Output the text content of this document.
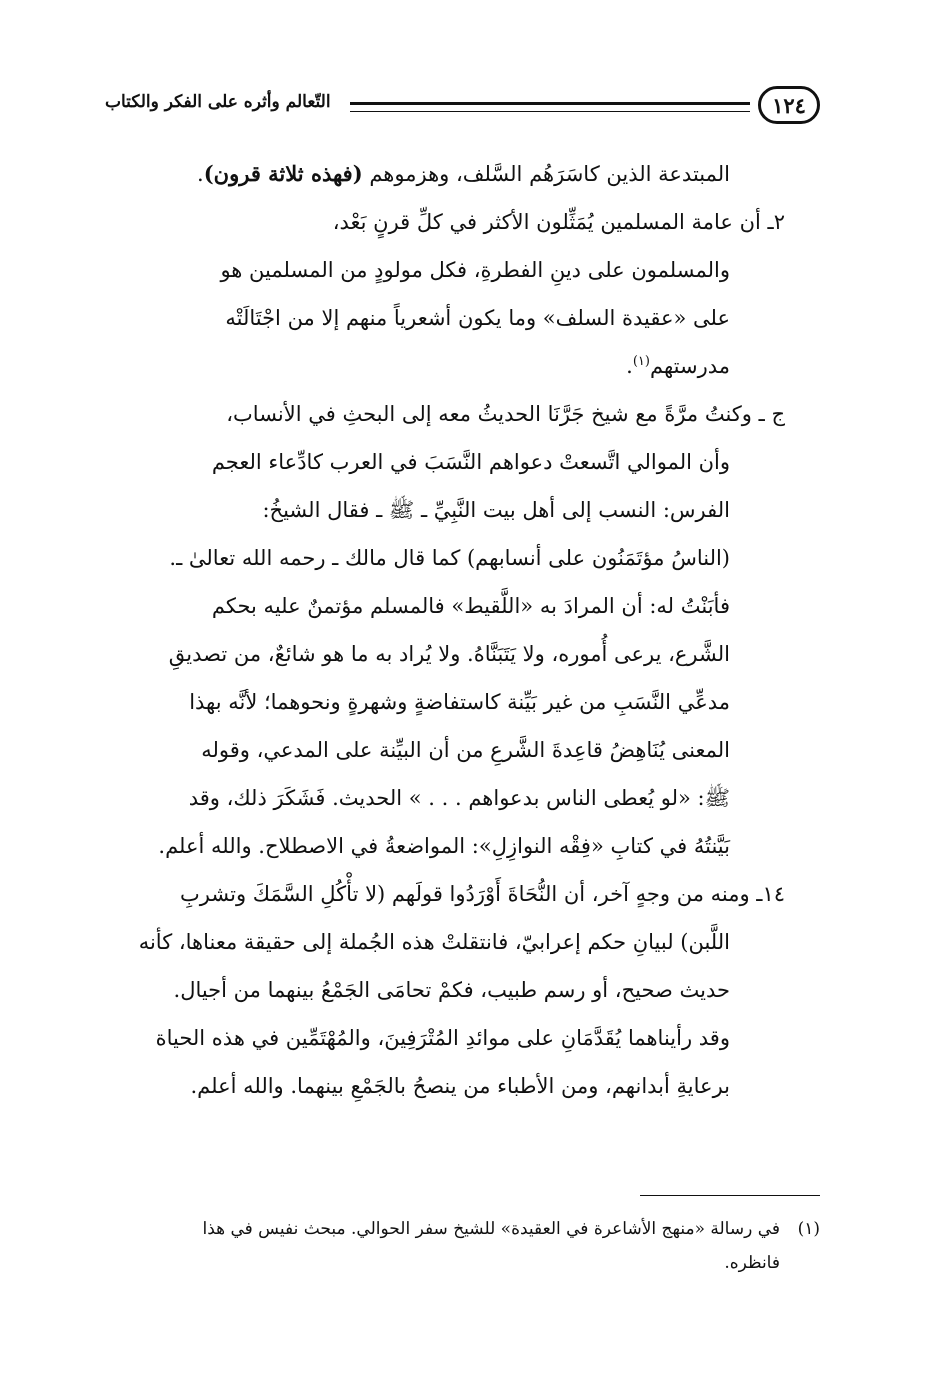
١٢٤
التّعالم وأثره على الفكر والكتاب
المبتدعة الذين كاسَرَهُم السَّلف، وهزموهم (فهذه ثلاثة قرون).
٢ـ أن عامة المسلمين يُمَثِّلون الأكثر في كلِّ قرنٍ بَعْد،
والمسلمون على دينِ الفطرةِ، فكل مولودٍ من المسلمين هو
على «عقيدة السلف» وما يكون أشعرياً منهم إلا من اجْتَالَتْه
مدرستهم$^{(١)}$.
ج ـ وكنتُ مرَّةً مع شيخ جَرَّنَا الحديثُ معه إلى البحثِ في الأنساب،
وأن الموالي اتَّسعتْ دعواهم النَّسَبَ في العرب كادِّعاء العجم
الفرس: النسب إلى أهل بيت النَّبِيِّ ـ ﷺ ـ فقال الشيخُ:
(الناسُ مؤتَمَنُون على أنسابهم) كما قال مالك ـ رحمه الله تعالىٰ ـ.
فأبَنْتُ له: أن المرادَ به «اللَّقيط» فالمسلم مؤتمنٌ عليه بحكم
الشَّرع، يرعى أُموره، ولا يَتَبَنَّاهُ. ولا يُراد به ما هو شائعٌ، من تصديقِ
مدعِّي النَّسَبِ من غير بَيِّنة كاستفاضةٍ وشهرةٍ ونحوهما؛ لأنَّه بهذا
المعنى يُنَاهِضُ قاعِدةَ الشَّرعِ من أن البيِّنة على المدعي، وقوله
ﷺ: «لو يُعطى الناس بدعواهم . . . » الحديث. فَشَكَرَ ذلك، وقد
بَيَّنتُهُ في كتابِ «فِقْه النوازِلِ»: المواضعةُ في الاصطلاح. والله أعلم.
١٤ـ ومنه من وجهٍ آخر، أن النُّحَاةَ أَوْرَدُوا قولَهم (لا تأْكُلِ السَّمَكَ وتشربِ
اللَّبن) لبيانِ حكم إعرابيّ، فانتقلتْ هذه الجُملة إلى حقيقة معناها، كأنه
حديث صحيح، أو رسم طبيب، فكمْ تحامَى الجَمْعُ بينهما من أجيال.
وقد رأيناهما يُقَدَّمَانِ على موائدِ المُتْرَفِينَ، والمُهْتَمِّين في هذه الحياة
برعايةِ أبدانهم، ومن الأطباء من ينصحُ بالجَمْعِ بينهما. والله أعلم.
(١)في رسالة «منهج الأشاعرة في العقيدة» للشيخ سفر الحوالي. مبحث نفيس في هذا
فانظره.
